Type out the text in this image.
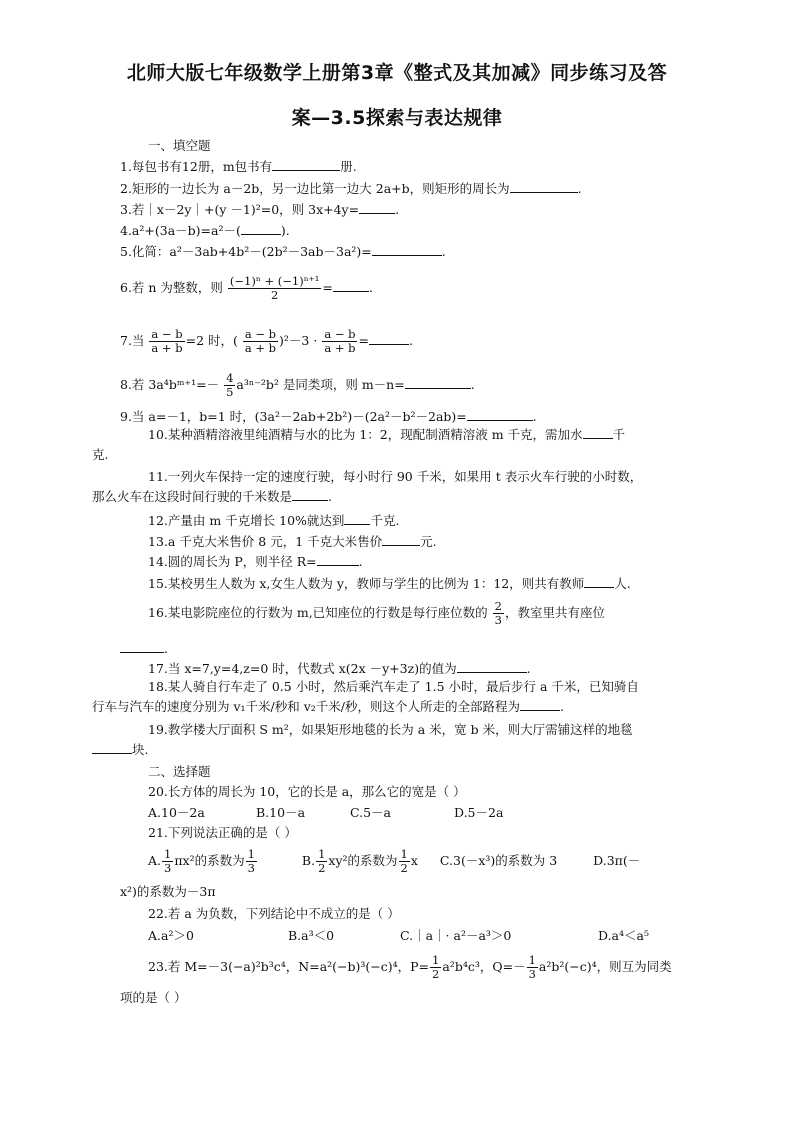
北师大版七年级数学上册第3章《整式及其加减》同步练习及答
案—3.5探索与表达规律
一、填空题
1.每包书有12册，m包书有	册.
2.矩形的一边长为 a－2b，另一边比第一边大 2a+b，则矩形的周长为	.
3.若｜x－2y｜+(y －1)²=0，则 3x+4y=	.
4.a²+(3a－b)=a²－(	).
5.化简：a²－3ab+4b²－(2b²－3ab－3a²)=	.
6.若 n 为整数，则 $\frac{\text{(−1)ⁿ + (−1)ⁿ⁺¹}}{2}$ =	.
7.当 $\frac{a - b}{a + b} =2$ 时，( $\frac{a - b}{a + b} )^2-3 \cdot \frac{a - b}{a + b}$ =	.
8.若 3a⁴bᵐ⁺¹=－ $\frac{4}{5} a^{3n-2}b^2$ 是同类项，则 m－n=	.
9.当 a=－1，b=1 时，(3a²－2ab+2b²)－(2a²－b²－2ab)=	.
10.某种酒精溶液里纯酒精与水的比为 1：2，现配制酒精溶液 m 千克，需加水 千
克.
11.一列火车保持一定的速度行驶，每小时行 90 千米，如果用 t 表示火车行驶的小时数，
那么火车在这段时间行驶的千米数是	.
12.产量由 m 千克增长 10%就达到 千克.
13.a 千克大米售价 8 元，1 千克大米售价	元.
14.圆的周长为 P，则半径 R=	.
15.某校男生人数为 x,女生人数为 y，教师与学生的比例为 1：12，则共有教师 人.
16.某电影院座位的行数为 m,已知座位的行数是每行座位数的 $\frac{2}{3}$ ，教室里共有座位
.
17.当 x=7,y=4,z=0 时，代数式 x(2x －y+3z)的值为	.
18.某人骑自行车走了 0.5 小时，然后乘汽车走了 1.5 小时，最后步行 a 千米，已知骑自
行车与汽车的速度分别为 v₁千米/秒和 v₂千米/秒，则这个人所走的全部路程为	.
19.教学楼大厅面积 S m²，如果矩形地毯的长为 a 米，宽 b 米，则大厅需铺这样的地毯
块.
二、选择题
20.长方体的周长为 10，它的长是 a，那么它的宽是（ ）
A.10－2a	B.10－a	C.5－a	D.5－2a
21.下列说法正确的是（ ）
A. $\frac{1}{3} \pi x^2$的系数为 $\frac{1}{3}$	B. $\frac{1}{2} xy^2$的系数为 $\frac{1}{2}$ x C.3(－x³)的系数为 3	D.3π(－
x²)的系数为－3π
22.若 a 为负数，下列结论中不成立的是（ ）
A.a²＞0	B.a³＜0	C.｜a｜· a²－a³＞0	D.a⁴＜a⁵
23.若 M=－3(−a)²b³c⁴，N=a²(−b)³(−c)⁴，$P= \frac{1}{2} a^2b^4c^3$，$Q=- \frac{1}{3} a^2b^2(-c)^4$，则互为同类
项的是（ ）
